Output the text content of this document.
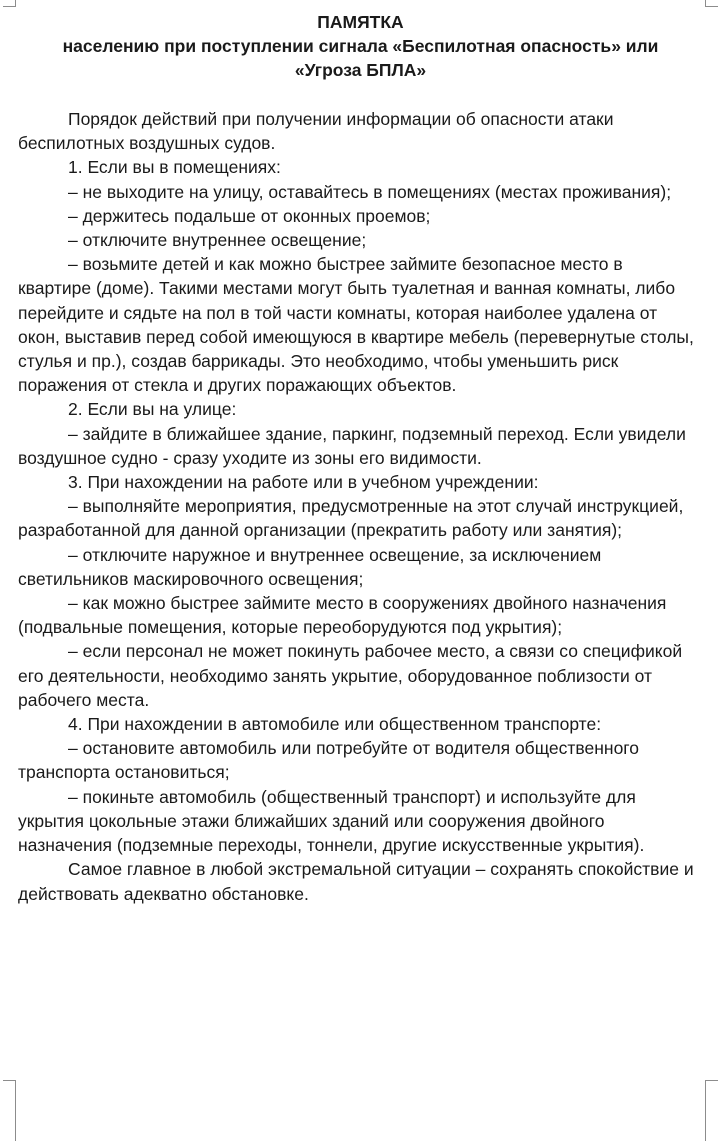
ПАМЯТКА
населению при поступлении сигнала «Беспилотная опасность» или
«Угроза БПЛА»

Порядок действий при получении информации об опасности атаки беспилотных воздушных судов.

1. Если вы в помещениях:

– не выходите на улицу, оставайтесь в помещениях (местах проживания);

– держитесь подальше от оконных проемов;

– отключите внутреннее освещение;

– возьмите детей и как можно быстрее займите безопасное место в квартире (доме). Такими местами могут быть туалетная и ванная комнаты, либо перейдите и сядьте на пол в той части комнаты, которая наиболее удалена от окон, выставив перед собой имеющуюся в квартире мебель (перевернутые столы, стулья и пр.), создав баррикады. Это необходимо, чтобы уменьшить риск поражения от стекла и других поражающих объектов.

2. Если вы на улице:

– зайдите в ближайшее здание, паркинг, подземный переход. Если увидели воздушное судно - сразу уходите из зоны его видимости.

3. При нахождении на работе или в учебном учреждении:

– выполняйте мероприятия, предусмотренные на этот случай инструкцией, разработанной для данной организации (прекратить работу или занятия);

– отключите наружное и внутреннее освещение, за исключением светильников маскировочного освещения;

– как можно быстрее займите место в сооружениях двойного назначения (подвальные помещения, которые переоборудуются под укрытия);

– если персонал не может покинуть рабочее место, а связи со спецификой его деятельности, необходимо занять укрытие, оборудованное поблизости от рабочего места.

4. При нахождении в автомобиле или общественном транспорте:

– остановите автомобиль или потребуйте от водителя общественного транспорта остановиться;

– покиньте автомобиль (общественный транспорт) и используйте для укрытия цокольные этажи ближайших зданий или сооружения двойного назначения (подземные переходы, тоннели, другие искусственные укрытия).

Самое главное в любой экстремальной ситуации – сохранять спокойствие и действовать адекватно обстановке.
